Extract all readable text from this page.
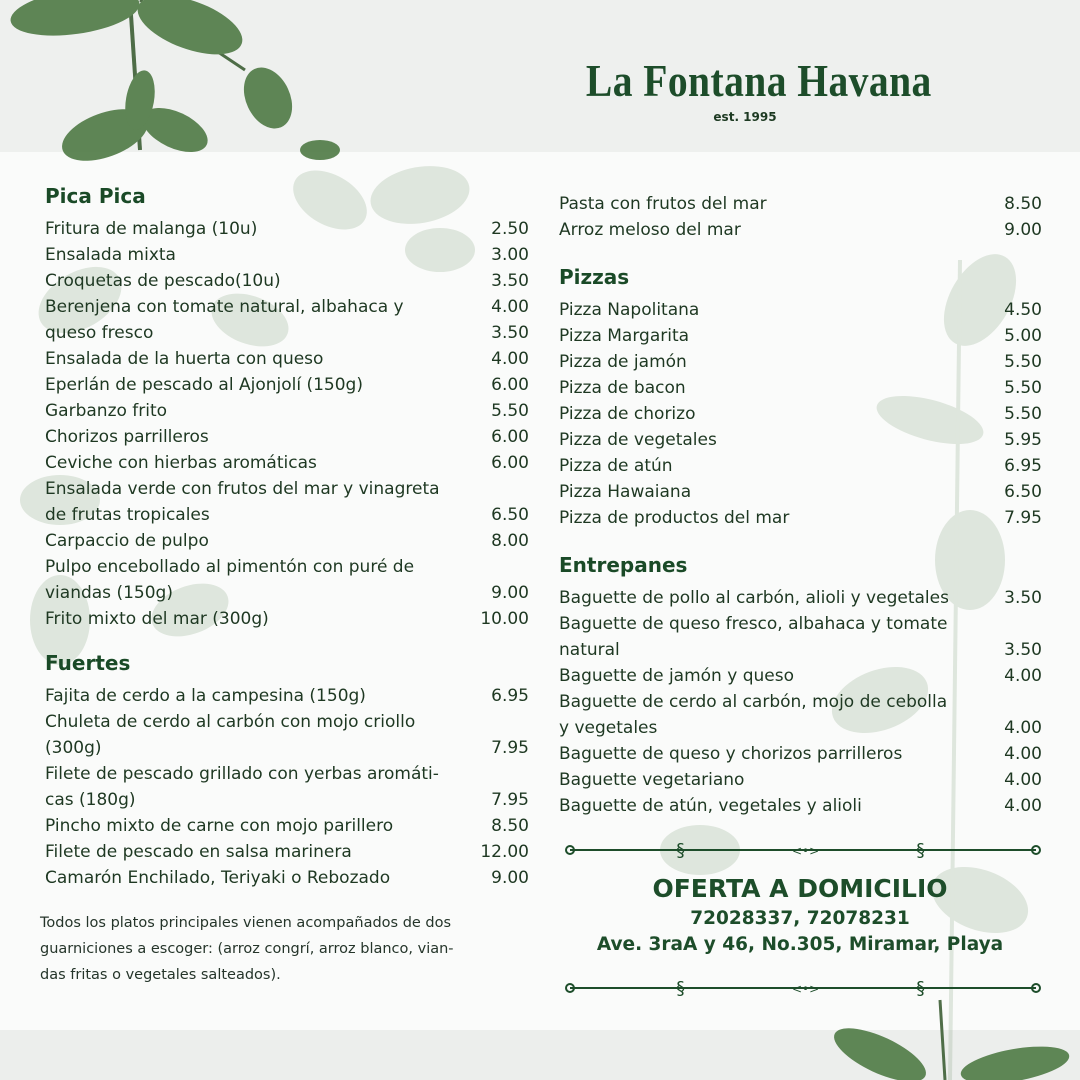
La Fontana Havana
est. 1995
Pica Pica
Fritura de malanga (10u)	2.50
Ensalada mixta	3.00
Croquetas de pescado(10u)	3.50
Berenjena con tomate natural, albahaca y	4.00
queso fresco	3.50
Ensalada de la huerta con queso	4.00
Eperlán de pescado al Ajonjolí (150g)	6.00
Garbanzo frito	5.50
Chorizos parrilleros	6.00
Ceviche con hierbas aromáticas	6.00
Ensalada verde con frutos del mar y vinagreta
de frutas tropicales	6.50
Carpaccio de pulpo	8.00
Pulpo encebollado al pimentón con puré de
viandas (150g)	9.00
Frito mixto del mar (300g)	10.00
Fuertes
Fajita de cerdo a la campesina (150g)	6.95
Chuleta de cerdo al carbón con mojo criollo
(300g)	7.95
Filete de pescado grillado con yerbas aromáti-
cas (180g)	7.95
Pincho mixto de carne con mojo parillero	8.50
Filete de pescado en salsa marinera	12.00
Camarón Enchilado, Teriyaki o Rebozado	9.00
Todos los platos principales vienen acompañados de dos
guarniciones a escoger: (arroz congrí, arroz blanco, vian-
das fritas o vegetales salteados).
Pasta con frutos del mar	8.50
Arroz meloso del mar	9.00
Pizzas
Pizza Napolitana	4.50
Pizza Margarita	5.00
Pizza de jamón	5.50
Pizza de bacon	5.50
Pizza de chorizo	5.50
Pizza de vegetales	5.95
Pizza de atún	6.95
Pizza Hawaiana	6.50
Pizza de productos del mar	7.95
Entrepanes
Baguette de pollo al carbón, alioli y vegetales	3.50
Baguette de queso fresco, albahaca y tomate
natural	3.50
Baguette de jamón y queso	4.00
Baguette de cerdo al carbón, mojo de cebolla
y vegetales	4.00
Baguette de queso y chorizos parrilleros	4.00
Baguette vegetariano	4.00
Baguette de atún, vegetales y alioli	4.00
§	<•>	§
OFERTA A DOMICILIO
72028337, 72078231
Ave. 3raA y 46, No.305, Miramar, Playa
§	<•>	§
